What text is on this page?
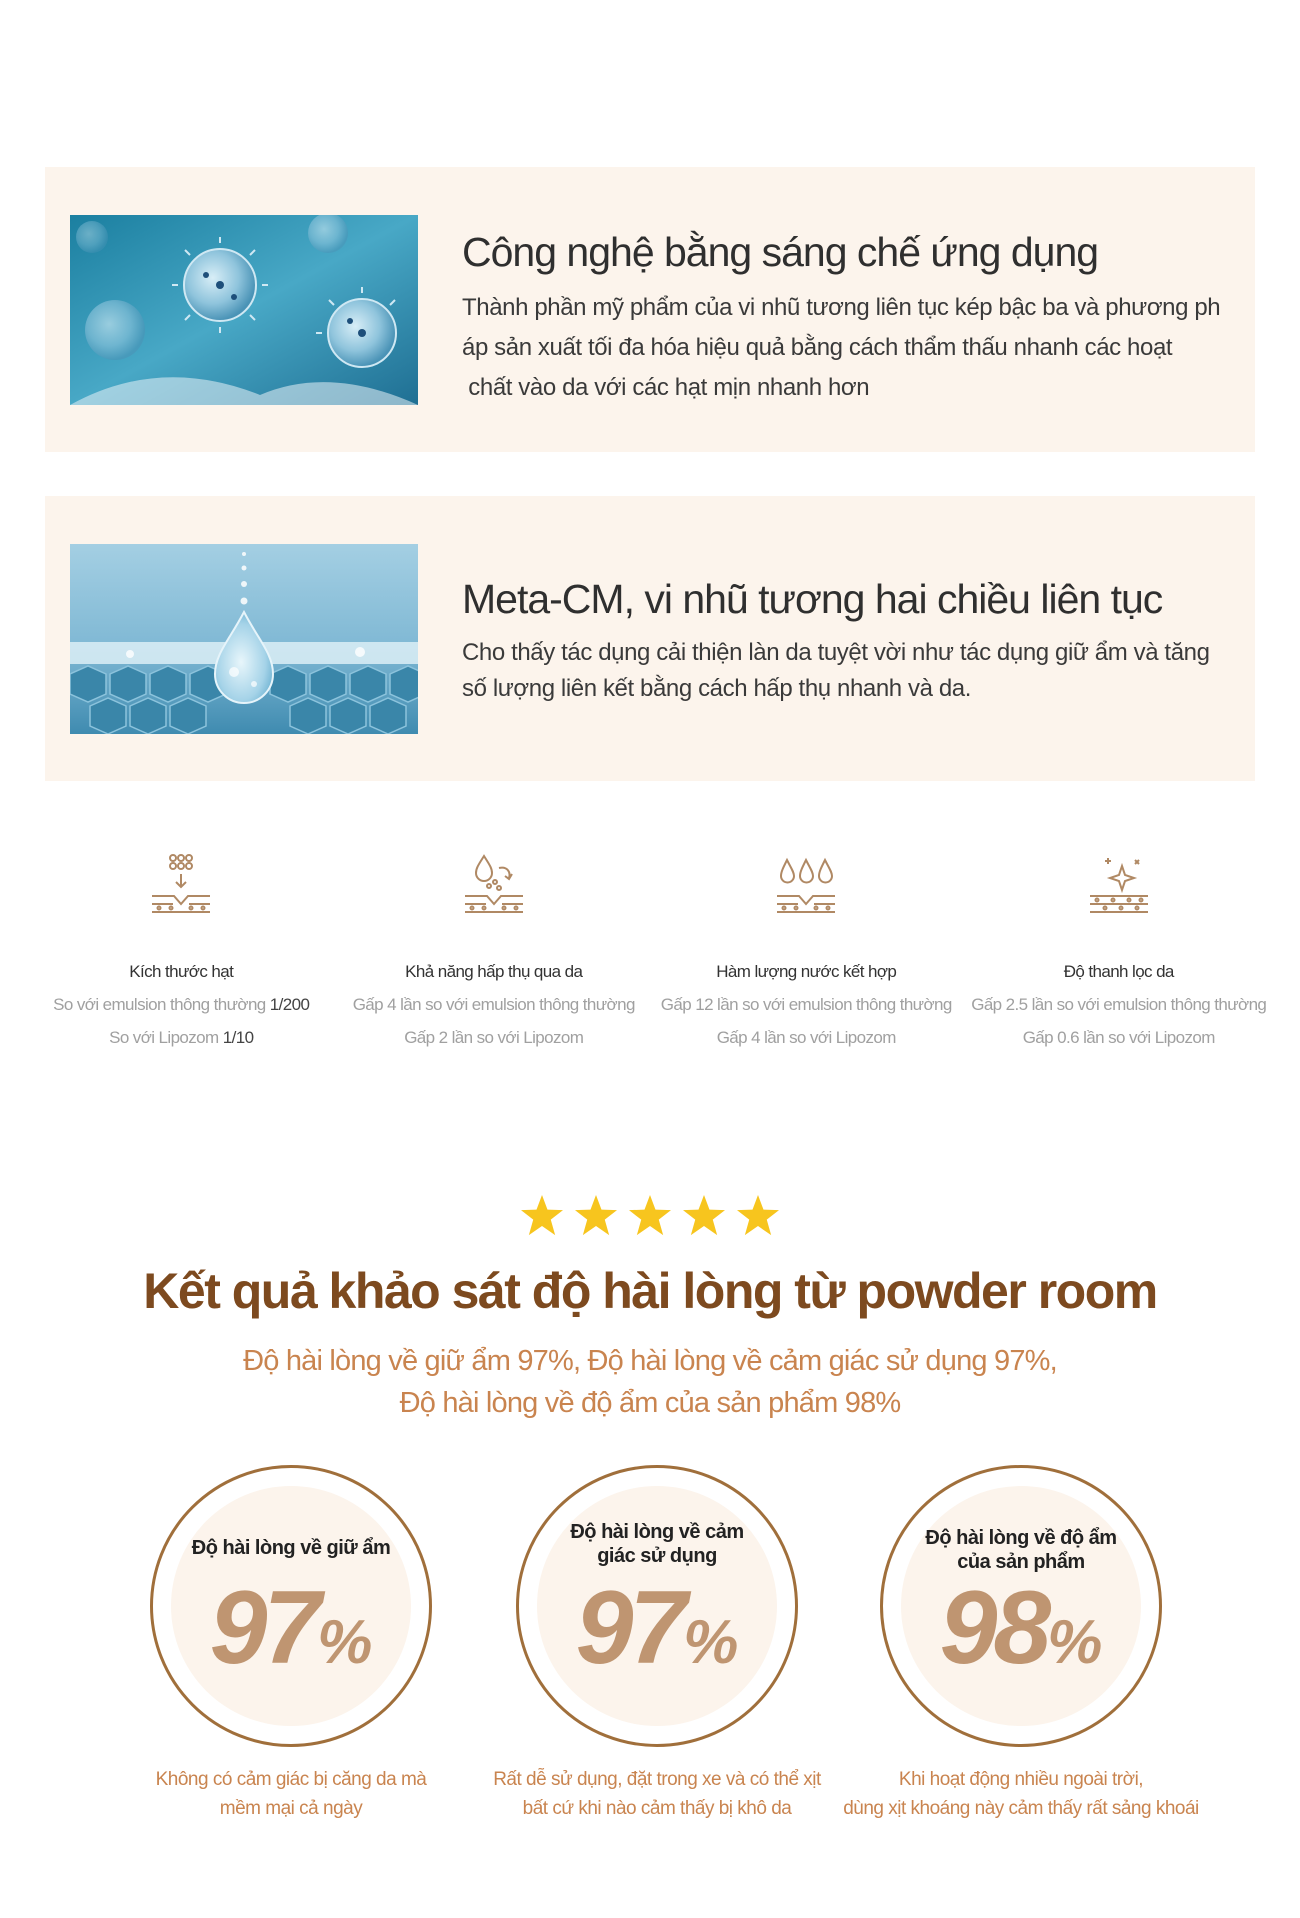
Công nghệ bằng sáng chế ứng dụng
Thành phần mỹ phẩm của vi nhũ tương liên tục kép bậc ba và phương ph
áp sản xuất tối đa hóa hiệu quả bằng cách thẩm thấu nhanh các hoạt
chất vào da với các hạt mịn nhanh hơn
Meta-CM, vi nhũ tương hai chiều liên tục
Cho thấy tác dụng cải thiện làn da tuyệt vời như tác dụng giữ ẩm và tăng
số lượng liên kết bằng cách hấp thụ nhanh và da.
Kích thước hạt
So với emulsion thông thường 1/200
So với Lipozom 1/10
Khả năng hấp thụ qua da
Gấp 4 lần so với emulsion thông thường
Gấp 2 lần so với Lipozom
Hàm lượng nước kết hợp
Gấp 12 lần so với emulsion thông thường
Gấp 4 lần so với Lipozom
Độ thanh lọc da
Gấp 2.5 lần so với emulsion thông thường
Gấp 0.6 lần so với Lipozom
Kết quả khảo sát độ hài lòng từ powder room
Độ hài lòng về giữ ẩm 97%, Độ hài lòng về cảm giác sử dụng 97%,
Độ hài lòng về độ ẩm của sản phẩm 98%
Độ hài lòng về giữ ẩm
97%
Độ hài lòng về cảm
giác sử dụng
97%
Độ hài lòng về độ ẩm
của sản phẩm
98%
Không có cảm giác bị căng da mà
mềm mại cả ngày
Rất dễ sử dụng, đặt trong xe và có thể xịt
bất cứ khi nào cảm thấy bị khô da
Khi hoạt động nhiều ngoài trời,
dùng xịt khoáng này cảm thấy rất sảng khoái
